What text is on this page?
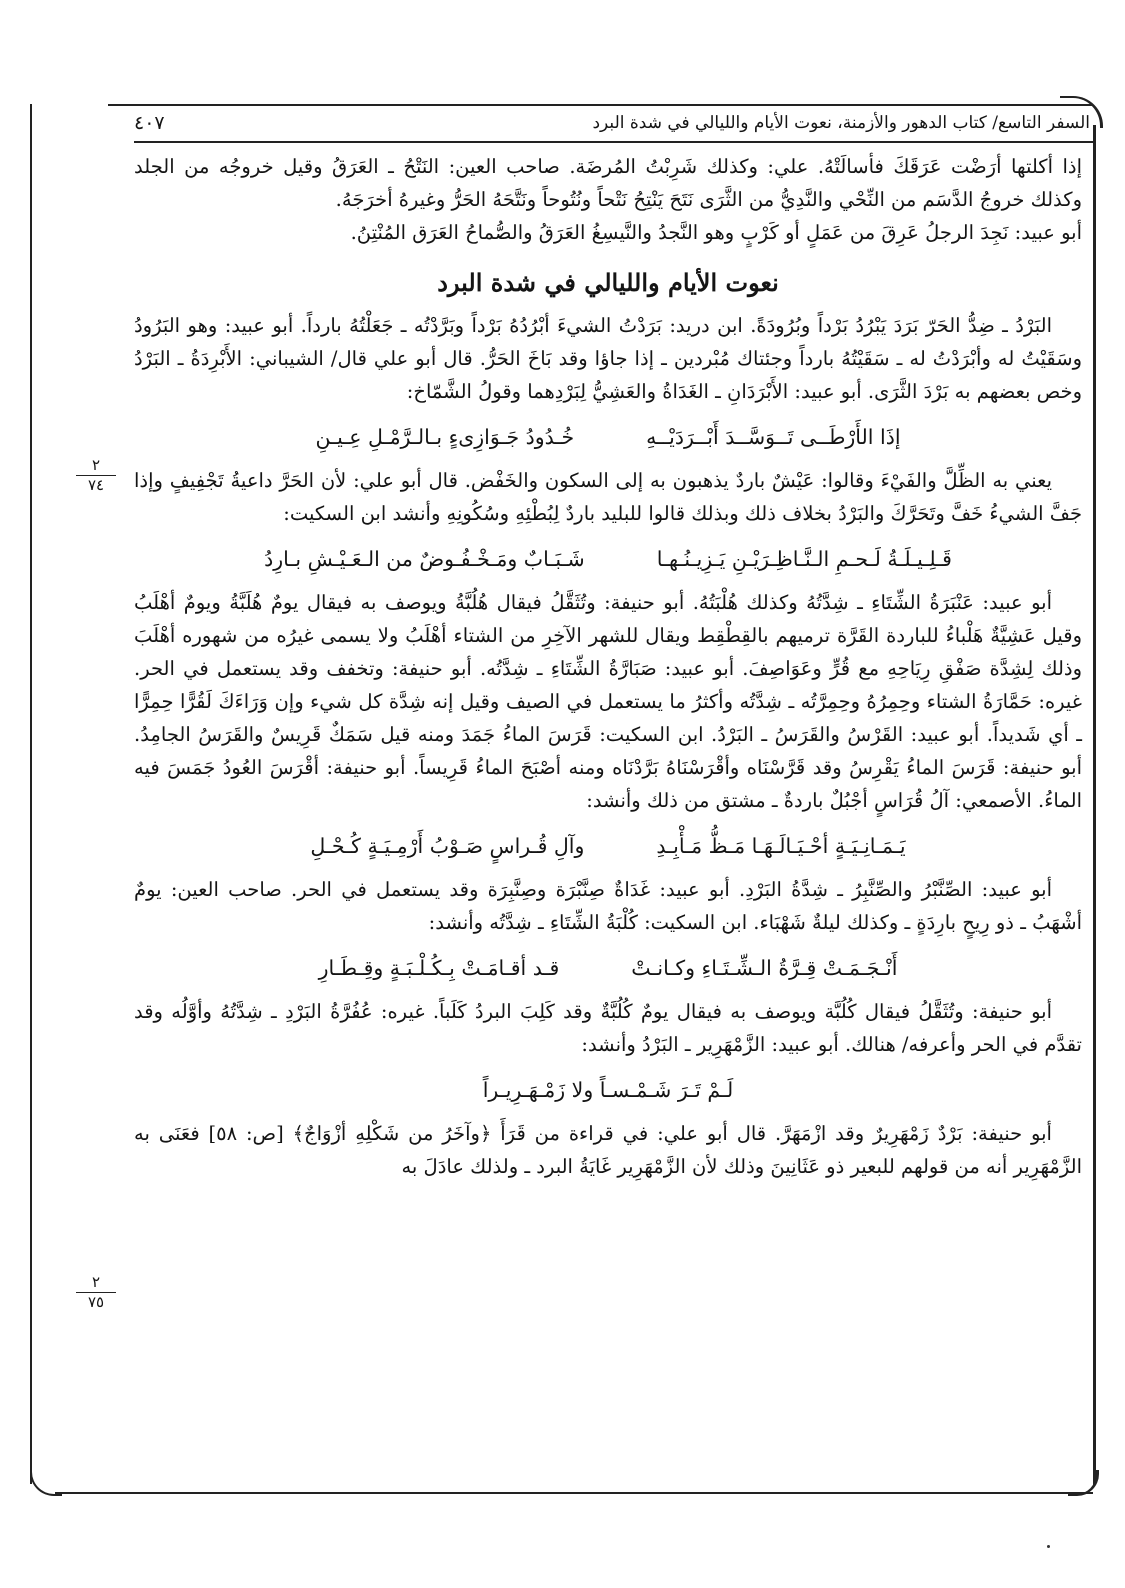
السفر التاسع/ كتاب الدهور والأزمنة، نعوت الأيام والليالي في شدة البرد
٤٠٧
٢
٧٤
٢
٧٥

إذا أكلتها أرَضْت عَرَقَكَ فأسالَتْهُ. علي: وكذلك شَرِبْتُ المُرضَة. صاحب العين: النَتْحُ ـ العَرَقُ وقيل خروجُه من الجلد وكذلك خروجُ الدَّسَم من النِّحْي والنَّدِيُّ من الثَّرَى نَتَحَ يَنْتِحُ نَتْحاً ونُتُوحاً ونَتَّحَهُ الحَرُّ وغيرهُ أخرَجَهُ.

أبو عبيد: نَجِدَ الرجلُ عَرِقَ من عَمَلٍ أو كَرْبٍ وهو النَّجدُ والنَّيسِغُ العَرَقُ والصُّماحُ العَرَق المُنْتِنُ.

نعوت الأيام والليالي في شدة البرد

البَرْدُ ـ ضِدُّ الحَرّ بَرَدَ يَبْرُدُ بَرْداً وبُرُودَةً. ابن دريد: بَرَدْتُ الشيءَ أبْرُدُهُ بَرْداً وبَرَّدْتُه ـ جَعَلْتُهُ بارداً. أبو عبيد: وهو البَرُودُ وسَقَيْتُ له وأبْرَدْتُ له ـ سَقَيْتُهُ بارداً وجئتاك مُبْردين ـ إذا جاؤا وقد بَاخَ الحَرُّ. قال أبو علي قال/ الشيباني: الأَبْرِدَةُ ـ البَرْدُ وخص بعضهم به بَرْدَ الثَّرَى. أبو عبيد: الأَبْرَدَانِ ـ الغَدَاةُ والعَشِيُّ لِبَرْدِهما وقولُ الشَّمّاخ:

إذَا الأَرْطَــى تَــوَسَّــدَ أَبْــرَدَيْــهِ
خُـدُودُ جَـوَازِىءٍ بـالـرَّمْـلِ عِـيـنِ

يعني به الظِّلَّ والفَيْءَ وقالوا: عَيْشٌ باردٌ يذهبون به إلى السكون والخَفْض. قال أبو علي: لأن الحَرَّ داعيةُ تَجْفِيفٍ وإذا جَفَّ الشيءُ خَفَّ وتَحَرَّكَ والبَرْدُ بخلاف ذلك وبذلك قالوا للبليد باردٌ لِبُطْئِهِ وسُكُونِهِ وأنشد ابن السكيت:

قَـلِـيـلَـةُ لَـحـمِ الـنَّـاظِـرَيْـنِ يَـزِيـنُـهـا
شَـبَـابٌ ومَـخْـفُـوضٌ من الـعَـيْـشِ بـارِدُ

أبو عبيد: عَنْبَرَةُ الشِّتَاءِ ـ شِدَّتُهُ وكذلك هُلْبَتُهُ. أبو حنيفة: وتُثَقَّلُ فيقال هُلُبَّةُ ويوصف به فيقال يومٌ هُلَبَّةُ ويومٌ أهْلَبُ وقيل عَشِيَّةٌ هَلْباءُ للباردة القَرَّة ترميهم بالقِطْقِط ويقال للشهر الآخِرِ من الشتاء أهْلَبُ ولا يسمى غيرُه من شهوره أهْلَبَ وذلك لِشِدَّة صَفْقِ رِيَاحِهِ مع قُرٍّ وعَوَاصِفَ. أبو عبيد: صَبَارَّةُ الشِّتَاءِ ـ شِدَّتُه. أبو حنيفة: وتخفف وقد يستعمل في الحر. غيره: حَمَّارَةُ الشتاء وحِمِرُهُ وحِمِرَّتُه ـ شِدَّتُه وأكثرُ ما يستعمل في الصيف وقيل إنه شِدَّة كل شيء وإن وَرَاءَكَ لَقُرًّا حِمِرًّا ـ أي شَديداً. أبو عبيد: القَرْسُ والقَرَسُ ـ البَرْدُ. ابن السكيت: قَرَسَ الماءُ جَمَدَ ومنه قيل سَمَكٌ قَرِيسٌ والقَرَسُ الجامِدُ. أبو حنيفة: قَرَسَ الماءُ يَقْرِسُ وقد قَرَّسْنَاه وأقْرَسْنَاهُ بَرَّدْنَاه ومنه أصْبَحَ الماءُ قَرِيساً. أبو حنيفة: أقْرَسَ العُودُ جَمَسَ فيه الماءُ. الأصمعي: آلُ قُرَاسٍ أجْبُلٌ باردةٌ ـ مشتق من ذلك وأنشد:

يَـمَـانِـيَـةٍ أحْـيَـالَـهَـا مَـظُّ مَـأْبِـدِ
وآلِ قُـراسٍ صَـوْبُ أَرْمِـيَـةٍ كُـحْـلِ

أبو عبيد: الصِّنَّبْرُ والصِّنَّبِرُ ـ شِدَّةُ البَرْدِ. أبو عبيد: غَدَاةٌ صِنَّبْرَة وصِنَّبِرَة وقد يستعمل في الحر. صاحب العين: يومٌ أشْهَبُ ـ ذو رِيحٍ بارِدَةٍ ـ وكذلك ليلةٌ شَهْبَاء. ابن السكيت: كُلْبَةُ الشِّتَاءِ ـ شِدَّتُه وأنشد:

أَنْـجَـمَـتْ قِـرَّةُ الـشِّـتَـاءِ وكـانـتْ
قـد أقـامَـتْ بِـكُـلْـبَـةٍ وقِـطَـارِ

أبو حنيفة: وتُثَقَّلُ فيقال كُلُبَّة ويوصف به فيقال يومٌ كُلُبَّةٌ وقد كَلِبَ البردُ كَلَباً. غيره: عُفُرَّةُ البَرْدِ ـ شِدَّتُهُ وأوَّلُه وقد تقدَّم في الحر وأعرفه/ هنالك. أبو عبيد: الزَّمْهَرِير ـ البَرْدُ وأنشد:

لَـمْ تَـرَ شَـمْـسـاً ولا زَمْـهَـرِيـراً

أبو حنيفة: بَرْدٌ زَمْهَرِيرٌ وقد ازْمَهَرَّ. قال أبو علي: في قراءة من قَرَأَ ﴿وآخَرُ من شَكْلِهِ أزْوَاجٌ﴾ [ص: ٥٨] فعَنَى به الزَّمْهَرِير أنه من قولهم للبعير ذو عَثَانِينَ وذلك لأن الزَّمْهَرِير غَايَةُ البرد ـ ولذلك عادَلَ به
